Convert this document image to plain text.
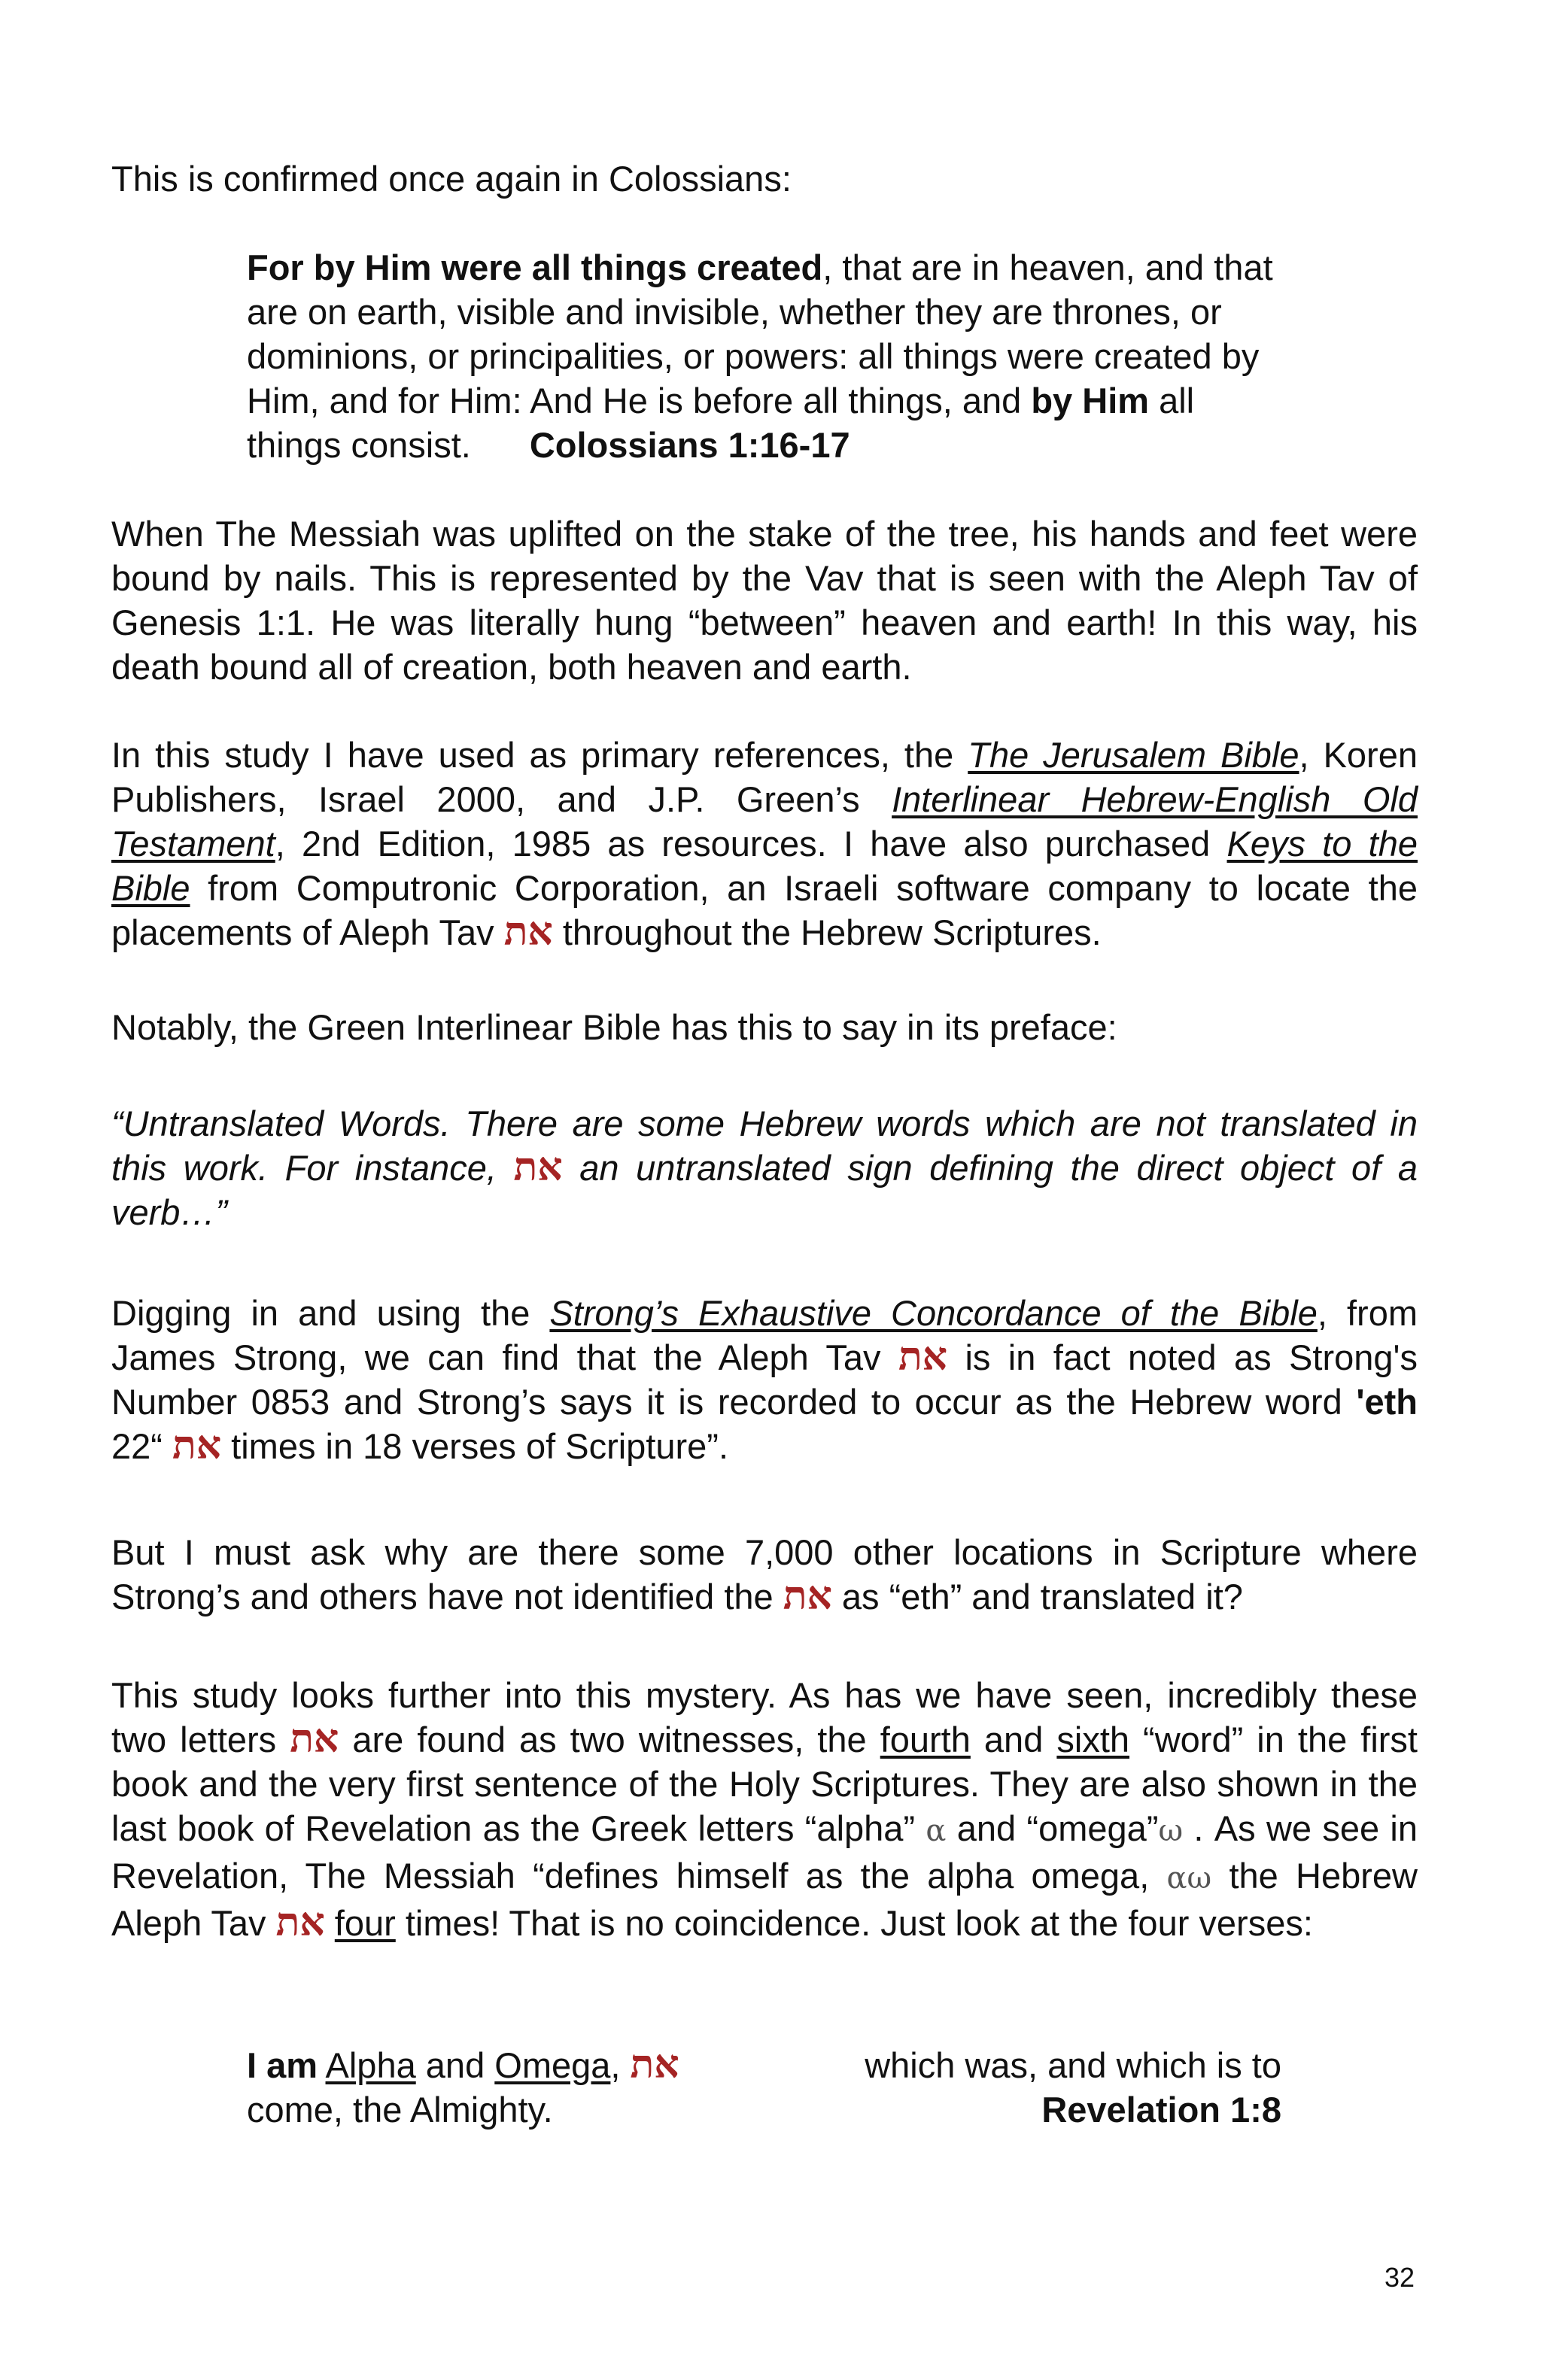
This is confirmed once again in Colossians:

For by Him were all things created, that are in heaven, and that are on earth, visible and invisible, whether they are thrones, or dominions, or principalities, or powers: all things were created by Him, and for Him: And He is before all things, and by Him all things consist. Colossians 1:16-17

When The Messiah was uplifted on the stake of the tree, his hands and feet were bound by nails. This is represented by the Vav that is seen with the Aleph Tav of Genesis 1:1. He was literally hung “between” heaven and earth! In this way, his death bound all of creation, both heaven and earth.

In this study I have used as primary references, the The Jerusalem Bible, Koren Publishers, Israel 2000, and J.P. Green’s Interlinear Hebrew-English Old Testament, 2nd Edition, 1985 as resources. I have also purchased Keys to the Bible from Computronic Corporation, an Israeli software company to locate the placements of Aleph Tav את throughout the Hebrew Scriptures.

Notably, the Green Interlinear Bible has this to say in its preface:

“Untranslated Words. There are some Hebrew words which are not translated in this work. For instance, את an untranslated sign defining the direct object of a verb…”

Digging in and using the Strong’s Exhaustive Concordance of the Bible, from James Strong, we can find that the Aleph Tav את is in fact noted as Strong's Number 0853 and Strong’s says it is recorded to occur as the Hebrew word 'eth את “22 times in 18 verses of Scripture”.

But I must ask why are there some 7,000 other locations in Scripture where Strong’s and others have not identified the את as “eth” and translated it?

This study looks further into this mystery. As has we have seen, incredibly these two letters את are found as two witnesses, the fourth and sixth “word” in the first book and the very first sentence of the Holy Scriptures. They are also shown in the last book of Revelation as the Greek letters “alpha” α and “omega”ω . As we see in Revelation, The Messiah “defines himself as the alpha omega, αω the Hebrew Aleph Tav את four times! That is no coincidence. Just look at the four verses:

I am Alpha and Omega, את	which was, and which is to
come, the Almighty.	Revelation 1:8
32
